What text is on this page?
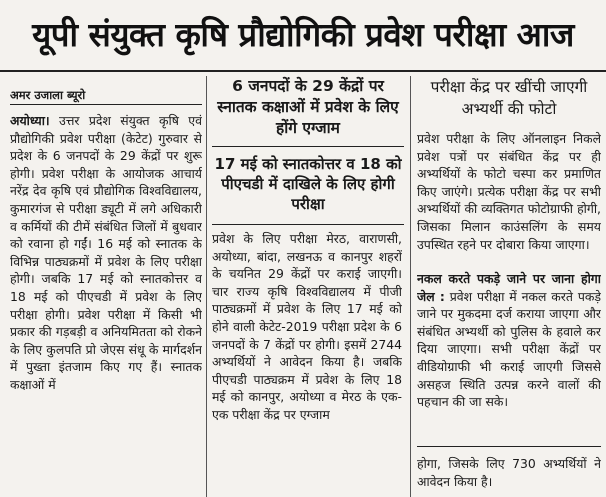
यूपी संयुक्त कृषि प्रौद्योगिकी प्रवेश परीक्षा आज
अमर उजाला ब्यूरो
अयोध्या। उत्तर प्रदेश संयुक्त कृषि एवं प्रौद्योगिकी प्रवेश परीक्षा (केटेट) गुरुवार से प्रदेश के 6 जनपदों के 29 केंद्रों पर शुरू होगी। प्रवेश परीक्षा के आयोजक आचार्य नरेंद्र देव कृषि एवं प्रौद्योगिक विश्वविद्यालय, कुमारगंज से परीक्षा ड्यूटी में लगे अधिकारी व कर्मियों की टीमें संबंधित जिलों में बुधवार को रवाना हो गईं। 16 मई को स्नातक के विभिन्न पाठ्यक्रमों में प्रवेश के लिए परीक्षा होगी। जबकि 17 मई को स्नातकोत्तर व 18 मई को पीएचडी में प्रवेश के लिए परीक्षा होगी। प्रवेश परीक्षा में किसी भी प्रकार की गड़बड़ी व अनियमितता को रोकने के लिए कुलपति प्रो जेएस संधू के मार्गदर्शन में पुख्ता इंतजाम किए गए हैं। स्नातक कक्षाओं में
6 जनपदों के 29 केंद्रों पर स्नातक कक्षाओं में प्रवेश के लिए होंगे एग्जाम
17 मई को स्नातकोत्तर व 18 को पीएचडी में दाखिले के लिए होगी परीक्षा
प्रवेश के लिए परीक्षा मेरठ, वाराणसी, अयोध्या, बांदा, लखनऊ व कानपुर शहरों के चयनित 29 केंद्रों पर कराई जाएगी। चार राज्य कृषि विश्वविद्यालय में पीजी पाठ्यक्रमों में प्रवेश के लिए 17 मई को होने वाली केटेट-2019 परीक्षा प्रदेश के 6 जनपदों के 7 केंद्रों पर होगी। इसमें 2744 अभ्यर्थियों ने आवेदन किया है। जबकि पीएचडी पाठ्यक्रम में प्रवेश के लिए 18 मई को कानपुर, अयोध्या व मेरठ के एक-एक परीक्षा केंद्र पर एग्जाम
परीक्षा केंद्र पर खींची जाएगी अभ्यर्थी की फोटो
प्रवेश परीक्षा के लिए ऑनलाइन निकले प्रवेश पत्रों पर संबंधित केंद्र पर ही अभ्यर्थियों के फोटो चस्पा कर प्रमाणित किए जाएंगे। प्रत्येक परीक्षा केंद्र पर सभी अभ्यर्थियों की व्यक्तिगत फोटोग्राफी होगी, जिसका मिलान काउंसलिंग के समय उपस्थित रहने पर दोबारा किया जाएगा।
नकल करते पकड़े जाने पर जाना होगा जेल : प्रवेश परीक्षा में नकल करते पकड़े जाने पर मुकदमा दर्ज कराया जाएगा और संबंधित अभ्यर्थी को पुलिस के हवाले कर दिया जाएगा। सभी परीक्षा केंद्रों पर वीडियोग्राफी भी कराई जाएगी जिससे असहज स्थिति उत्पन्न करने वालों की पहचान की जा सके।
होगा, जिसके लिए 730 अभ्यर्थियों ने आवेदन किया है।
